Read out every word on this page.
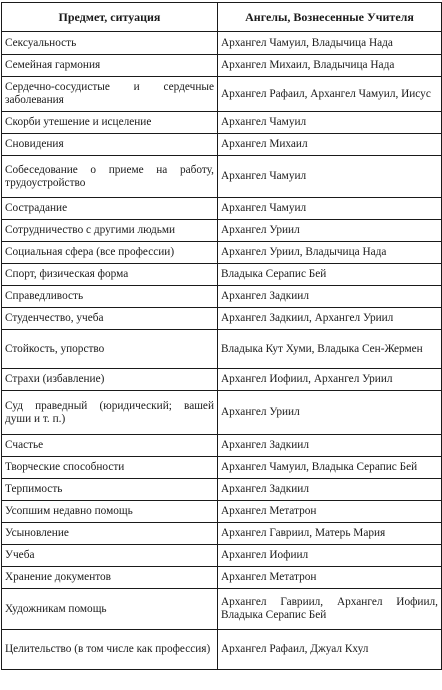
Предмет, ситуация	Ангелы, Вознесенные Учителя
Сексуальность	Архангел Чамуил, Владычица Нада
Семейная гармония	Архангел Михаил, Владычица Нада
Сердечно-сосудистые и сердечные заболевания	Архангел Рафаил, Архангел Чамуил, Иисус
Скорби утешение и исцеление	Архангел Чамуил
Сновидения	Архангел Михаил
Собеседование о приеме на работу, трудоустройство	Архангел Чамуил
Сострадание	Архангел Чамуил
Сотрудничество с другими людьми	Архангел Уриил
Социальная сфера (все профессии)	Архангел Уриил, Владычица Нада
Спорт, физическая форма	Владыка Серапис Бей
Справедливость	Архангел Задкиил
Студенчество, учеба	Архангел Задкиил, Архангел Уриил
Стойкость, упорство	Владыка Кут Хуми, Владыка Сен-Жермен
Страхи (избавление)	Архангел Иофиил, Архангел Уриил
Суд праведный (юридический; вашей души и т. п.)	Архангел Уриил
Счастье	Архангел Задкиил
Творческие способности	Архангел Чамуил, Владыка Серапис Бей
Терпимость	Архангел Задкиил
Усопшим недавно помощь	Архангел Метатрон
Усыновление	Архангел Гавриил, Матерь Мария
Учеба	Архангел Иофиил
Хранение документов	Архангел Метатрон
Художникам помощь	Архангел Гавриил, Архангел Иофиил, Владыка Серапис Бей
Целительство (в том числе как профессия)	Архангел Рафаил, Джуал Кхул
